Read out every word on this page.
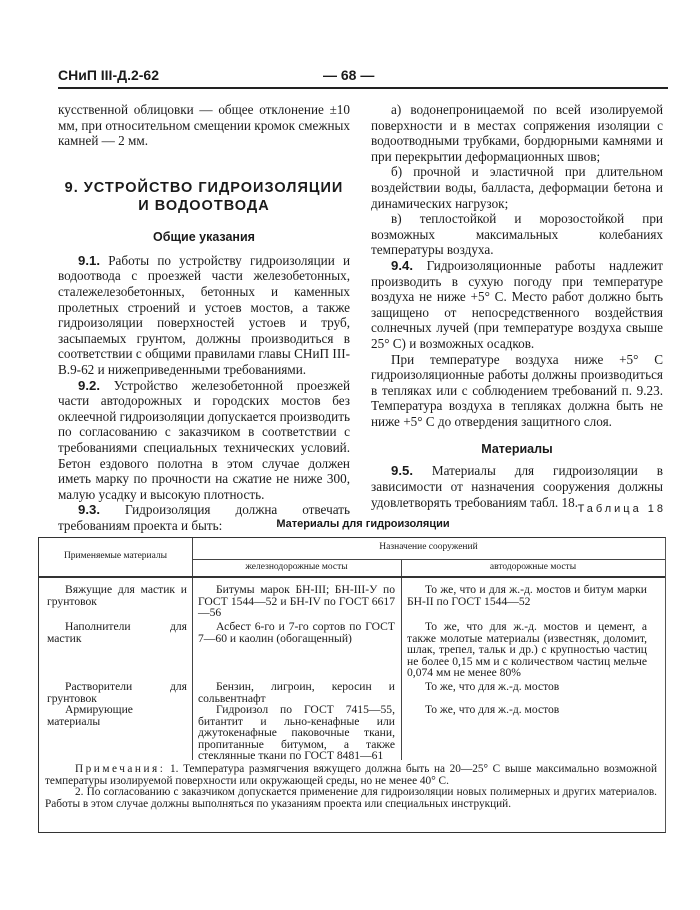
СНиП III-Д.2-62	— 68 —

кусственной облицовки — общее отклонение ±10 мм, при относительном смещении кромок смежных камней — 2 мм.

9. УСТРОЙСТВО ГИДРОИЗОЛЯЦИИ
И ВОДООТВОДА
Общие указания

9.1. Работы по устройству гидроизоляции и водоотвода с проезжей части железобетонных, сталежелезобетонных, бетонных и каменных пролетных строений и устоев мостов, а также гидроизоляции поверхностей устоев и труб, засыпаемых грунтом, должны производиться в соответствии с общими правилами главы СНиП III-В.9-62 и нижеприведенными требованиями.

9.2. Устройство железобетонной проезжей части автодорожных и городских мостов без оклеечной гидроизоляции допускается производить по согласованию с заказчиком в соответствии с требованиями специальных технических условий. Бетон ездового полотна в этом случае должен иметь марку по прочности на сжатие не ниже 300, малую усадку и высокую плотность.

9.3. Гидроизоляция должна отвечать требованиям проекта и быть:

а) водонепроницаемой по всей изолируемой поверхности и в местах сопряжения изоляции с водоотводными трубками, бордюрными камнями и при перекрытии деформационных швов;

б) прочной и эластичной при длительном воздействии воды, балласта, деформации бетона и динамических нагрузок;

в) теплостойкой и морозостойкой при возможных максимальных колебаниях температуры воздуха.

9.4. Гидроизоляционные работы надлежит производить в сухую погоду при температуре воздуха не ниже +5° С. Место работ должно быть защищено от непосредственного воздействия солнечных лучей (при температуре воздуха свыше 25° С) и возможных осадков.

При температуре воздуха ниже +5° С гидроизоляционные работы должны производиться в тепляках или с соблюдением требований п. 9.23. Температура воздуха в тепляках должна быть не ниже +5° С до отвердения защитного слоя.

Материалы

9.5. Материалы для гидроизоляции в зависимости от назначения сооружения должны удовлетворять требованиям табл. 18. Таблица 18
Материалы для гидроизоляции
Применяемые материалы
Назначение сооружений
железнодорожные мосты	автодорожные мосты
Вяжущие для мастик и грунтовок
Битумы марок БН-III; БН-III-У по ГОСТ 1544—52 и БН-IV по ГОСТ 6617—56
То же, что и для ж.-д. мостов и битум марки БН-II по ГОСТ 1544—52
Наполнители для мастик
Асбест 6-го и 7-го сортов по ГОСТ 7—60 и каолин (обогащенный)
То же, что для ж.-д. мостов и цемент, а также молотые материалы (известняк, доломит, шлак, трепел, тальк и др.) с крупностью частиц не более 0,15 мм и с количеством частиц мельче 0,074 мм не менее 80%
Растворители для грунтовок
Бензин, лигроин, керосин и сольвентнафт
То же, что для ж.-д. мостов
Армирующие материалы
Гидроизол по ГОСТ 7415—55, битантит и льно-кенафные или джутокенафные паковочные ткани, пропитанные битумом, а также стеклянные ткани по ГОСТ 8481—61
То же, что для ж.-д. мостов

Примечания: 1. Температура размягчения вяжущего должна быть на 20—25° С выше максимально возможной температуры изолируемой поверхности или окружающей среды, но не менее 40° С.

2. По согласованию с заказчиком допускается применение для гидроизоляции новых полимерных и других материалов. Работы в этом случае должны выполняться по указаниям проекта или специальных инструкций.
